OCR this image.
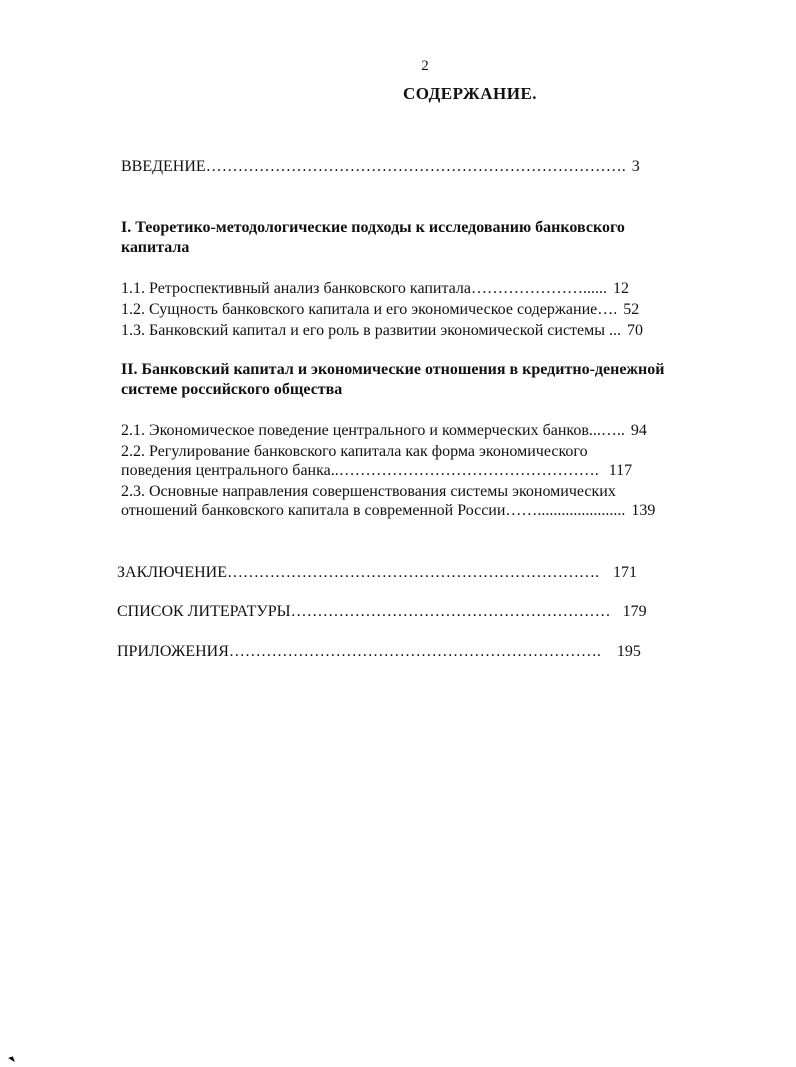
2
СОДЕРЖАНИЕ.
ВВЕДЕНИЕ……………………………………………………………………. 3
I. Теоретико-методологические подходы к исследованию банковского
капитала
1.1. Ретроспективный анализ банковского капитала…………………...... 12
1.2. Сущность банковского капитала и его экономическое содержание…. 52
1.3. Банковский капитал и его роль в развитии экономической системы ... 70
II. Банковский капитал и экономические отношения в кредитно-денежной
системе российского общества
2.1. Экономическое поведение центрального и коммерческих банков...….. 94
2.2. Регулирование банковского капитала как форма экономического
поведения центрального банка..…………………………………………. 117
2.3. Основные направления совершенствования системы экономических
отношений банковского капитала в современной России……...................... 139
ЗАКЛЮЧЕНИЕ……………………………………………………………. 171
СПИСОК ЛИТЕРАТУРЫ…………………………………………………… 179
ПРИЛОЖЕНИЯ……………………………………………………………. 195
